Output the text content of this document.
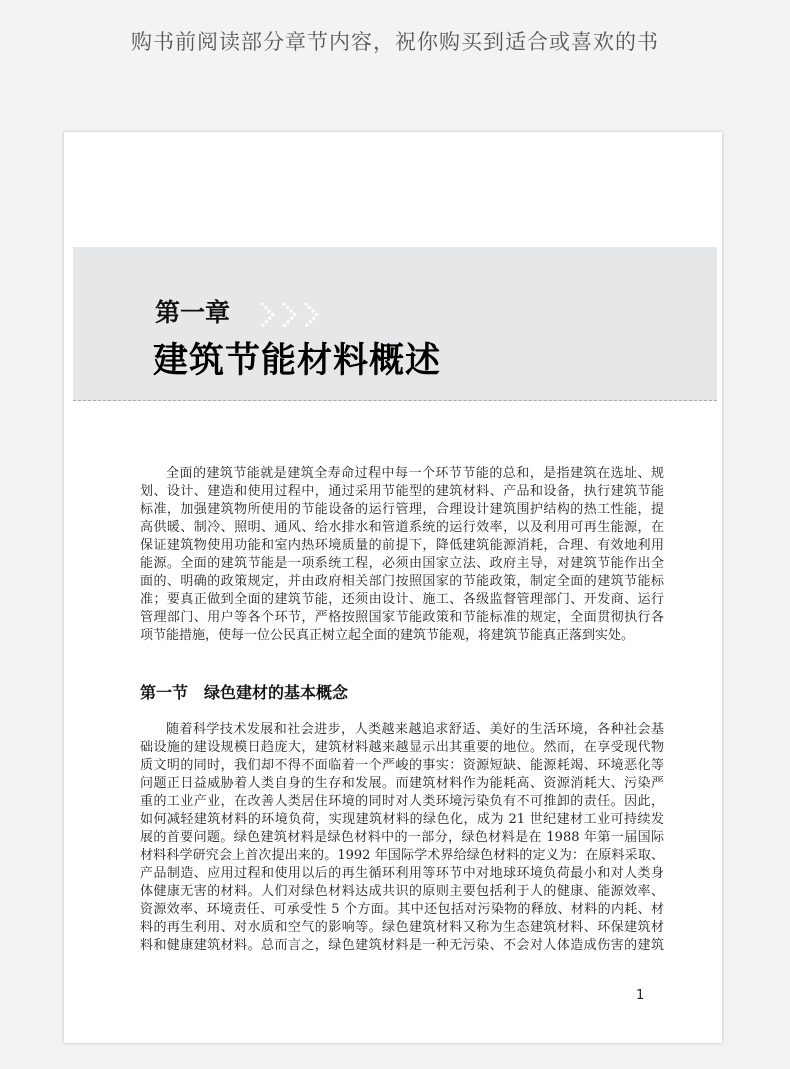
购书前阅读部分章节内容，祝你购买到适合或喜欢的书
第一章
建筑节能材料概述
全面的建筑节能就是建筑全寿命过程中每一个环节节能的总和，是指建筑在选址、规
划、设计、建造和使用过程中，通过采用节能型的建筑材料、产品和设备，执行建筑节能
标准，加强建筑物所使用的节能设备的运行管理，合理设计建筑围护结构的热工性能，提
高供暖、制冷、照明、通风、给水排水和管道系统的运行效率，以及利用可再生能源，在
保证建筑物使用功能和室内热环境质量的前提下，降低建筑能源消耗，合理、有效地利用
能源。全面的建筑节能是一项系统工程，必须由国家立法、政府主导，对建筑节能作出全
面的、明确的政策规定，并由政府相关部门按照国家的节能政策，制定全面的建筑节能标
准；要真正做到全面的建筑节能，还须由设计、施工、各级监督管理部门、开发商、运行
管理部门、用户等各个环节，严格按照国家节能政策和节能标准的规定，全面贯彻执行各
项节能措施，使每一位公民真正树立起全面的建筑节能观，将建筑节能真正落到实处。
第一节　绿色建材的基本概念
随着科学技术发展和社会进步，人类越来越追求舒适、美好的生活环境，各种社会基
础设施的建设规模日趋庞大，建筑材料越来越显示出其重要的地位。然而，在享受现代物
质文明的同时，我们却不得不面临着一个严峻的事实：资源短缺、能源耗竭、环境恶化等
问题正日益威胁着人类自身的生存和发展。而建筑材料作为能耗高、资源消耗大、污染严
重的工业产业，在改善人类居住环境的同时对人类环境污染负有不可推卸的责任。因此，
如何减轻建筑材料的环境负荷，实现建筑材料的绿色化，成为 21 世纪建材工业可持续发
展的首要问题。绿色建筑材料是绿色材料中的一部分，绿色材料是在 1988 年第一届国际
材料科学研究会上首次提出来的。1992 年国际学术界给绿色材料的定义为：在原料采取、
产品制造、应用过程和使用以后的再生循环利用等环节中对地球环境负荷最小和对人类身
体健康无害的材料。人们对绿色材料达成共识的原则主要包括利于人的健康、能源效率、
资源效率、环境责任、可承受性 5 个方面。其中还包括对污染物的释放、材料的内耗、材
料的再生利用、对水质和空气的影响等。绿色建筑材料又称为生态建筑材料、环保建筑材
料和健康建筑材料。总而言之，绿色建筑材料是一种无污染、不会对人体造成伤害的建筑
1
